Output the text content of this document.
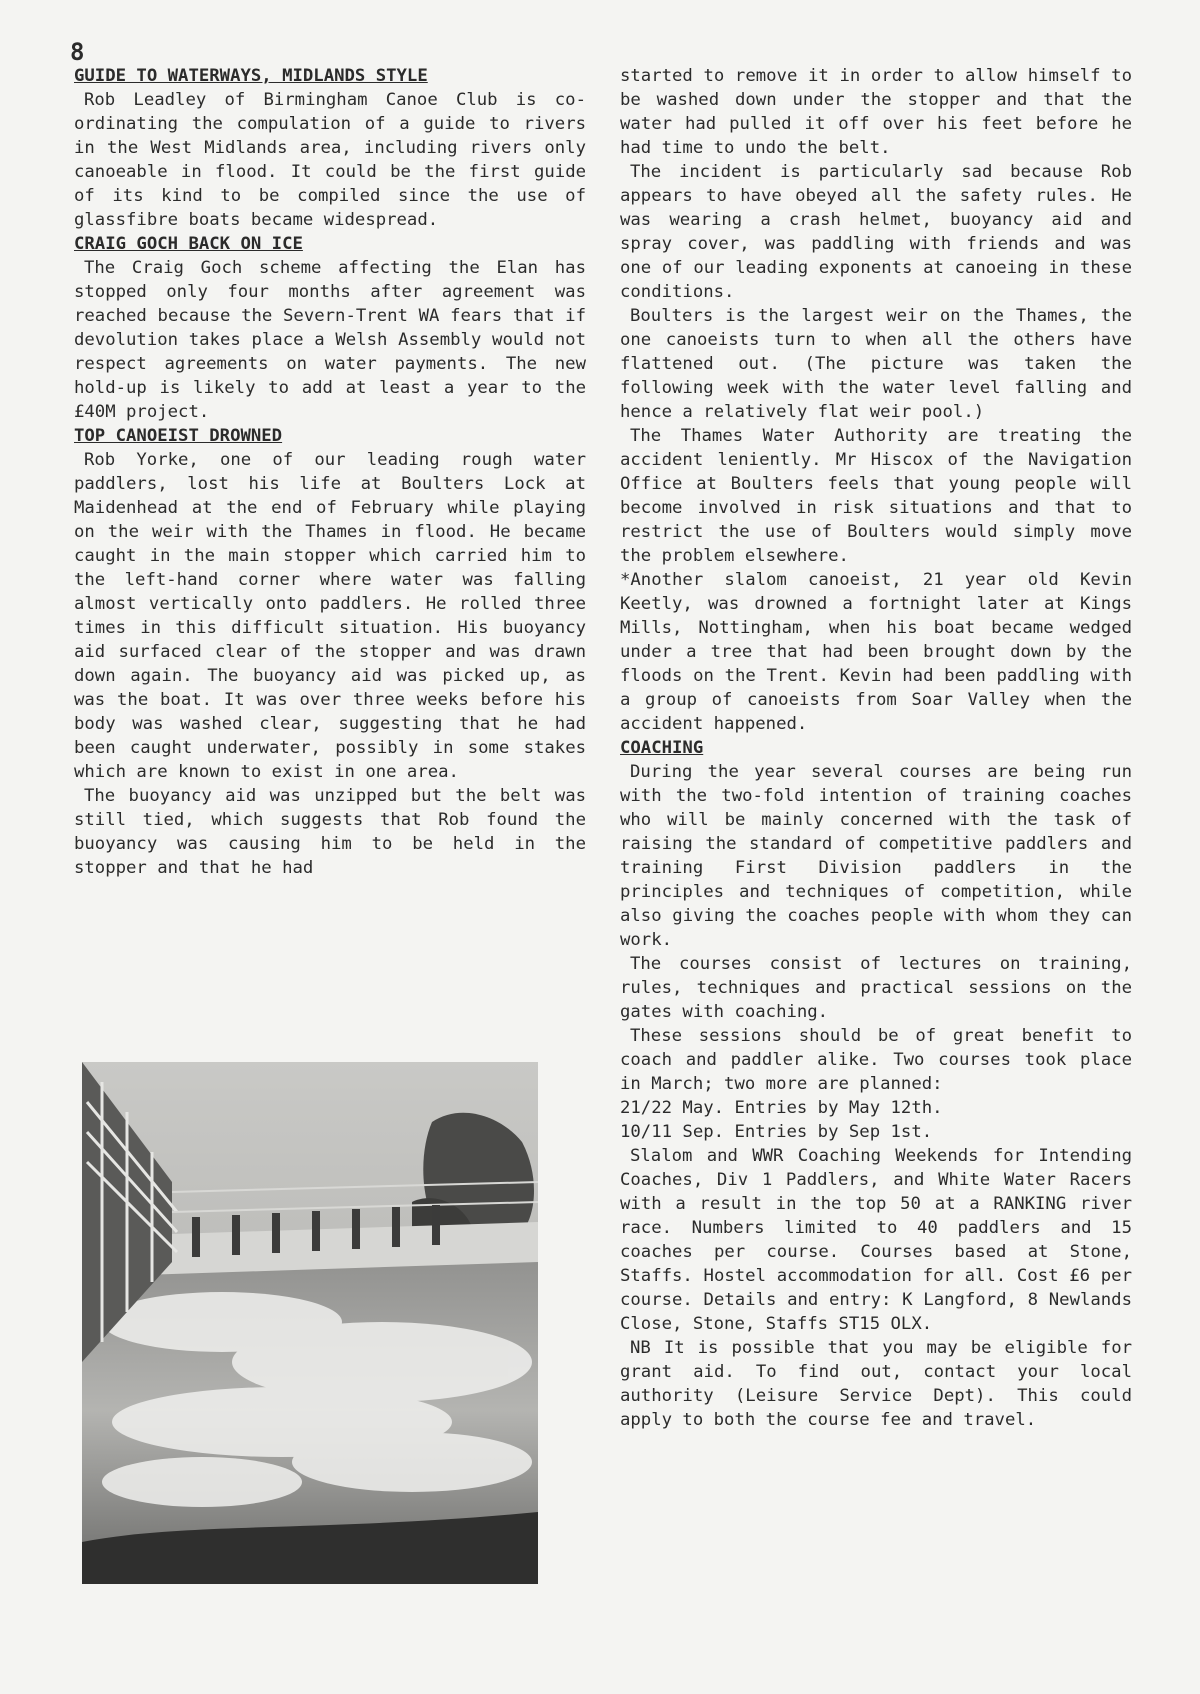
8
GUIDE TO WATERWAYS, MIDLANDS STYLE

Rob Leadley of Birmingham Canoe Club is co-ordinating the compulation of a guide to rivers in the West Midlands area, including rivers only canoeable in flood. It could be the first guide of its kind to be compiled since the use of glassfibre boats became widespread.

CRAIG GOCH BACK ON ICE

The Craig Goch scheme affecting the Elan has stopped only four months after agreement was reached because the Severn-Trent WA fears that if devolution takes place a Welsh Assembly would not respect agreements on water payments. The new hold-up is likely to add at least a year to the £40M project.

TOP CANOEIST DROWNED

Rob Yorke, one of our leading rough water paddlers, lost his life at Boulters Lock at Maidenhead at the end of February while playing on the weir with the Thames in flood. He became caught in the main stopper which carried him to the left-hand corner where water was falling almost vertically onto paddlers. He rolled three times in this difficult situation. His buoyancy aid surfaced clear of the stopper and was drawn down again. The buoyancy aid was picked up, as was the boat. It was over three weeks before his body was washed clear, suggesting that he had been caught underwater, possibly in some stakes which are known to exist in one area.

The buoyancy aid was unzipped but the belt was still tied, which suggests that Rob found the buoyancy was causing him to be held in the stopper and that he had

started to remove it in order to allow himself to be washed down under the stopper and that the water had pulled it off over his feet before he had time to undo the belt.

The incident is particularly sad because Rob appears to have obeyed all the safety rules. He was wearing a crash helmet, buoyancy aid and spray cover, was paddling with friends and was one of our leading exponents at canoeing in these conditions.

Boulters is the largest weir on the Thames, the one canoeists turn to when all the others have flattened out. (The picture was taken the following week with the water level falling and hence a relatively flat weir pool.)

The Thames Water Authority are treating the accident leniently. Mr Hiscox of the Navigation Office at Boulters feels that young people will become involved in risk situations and that to restrict the use of Boulters would simply move the problem elsewhere.

*Another slalom canoeist, 21 year old Kevin Keetly, was drowned a fortnight later at Kings Mills, Nottingham, when his boat became wedged under a tree that had been brought down by the floods on the Trent. Kevin had been paddling with a group of canoeists from Soar Valley when the accident happened.

COACHING

During the year several courses are being run with the two-fold intention of training coaches who will be mainly concerned with the task of raising the standard of competitive paddlers and training First Division paddlers in the principles and techniques of competition, while also giving the coaches people with whom they can work.

The courses consist of lectures on training, rules, techniques and practical sessions on the gates with coaching.

These sessions should be of great benefit to coach and paddler alike. Two courses took place in March; two more are planned:

21/22 May. Entries by May 12th.

10/11 Sep. Entries by Sep 1st.

Slalom and WWR Coaching Weekends for Intending Coaches, Div 1 Paddlers, and White Water Racers with a result in the top 50 at a RANKING river race. Numbers limited to 40 paddlers and 15 coaches per course. Courses based at Stone, Staffs. Hostel accommodation for all. Cost £6 per course. Details and entry: K Langford, 8 Newlands Close, Stone, Staffs ST15 OLX.

NB It is possible that you may be eligible for grant aid. To find out, contact your local authority (Leisure Service Dept). This could apply to both the course fee and travel.
